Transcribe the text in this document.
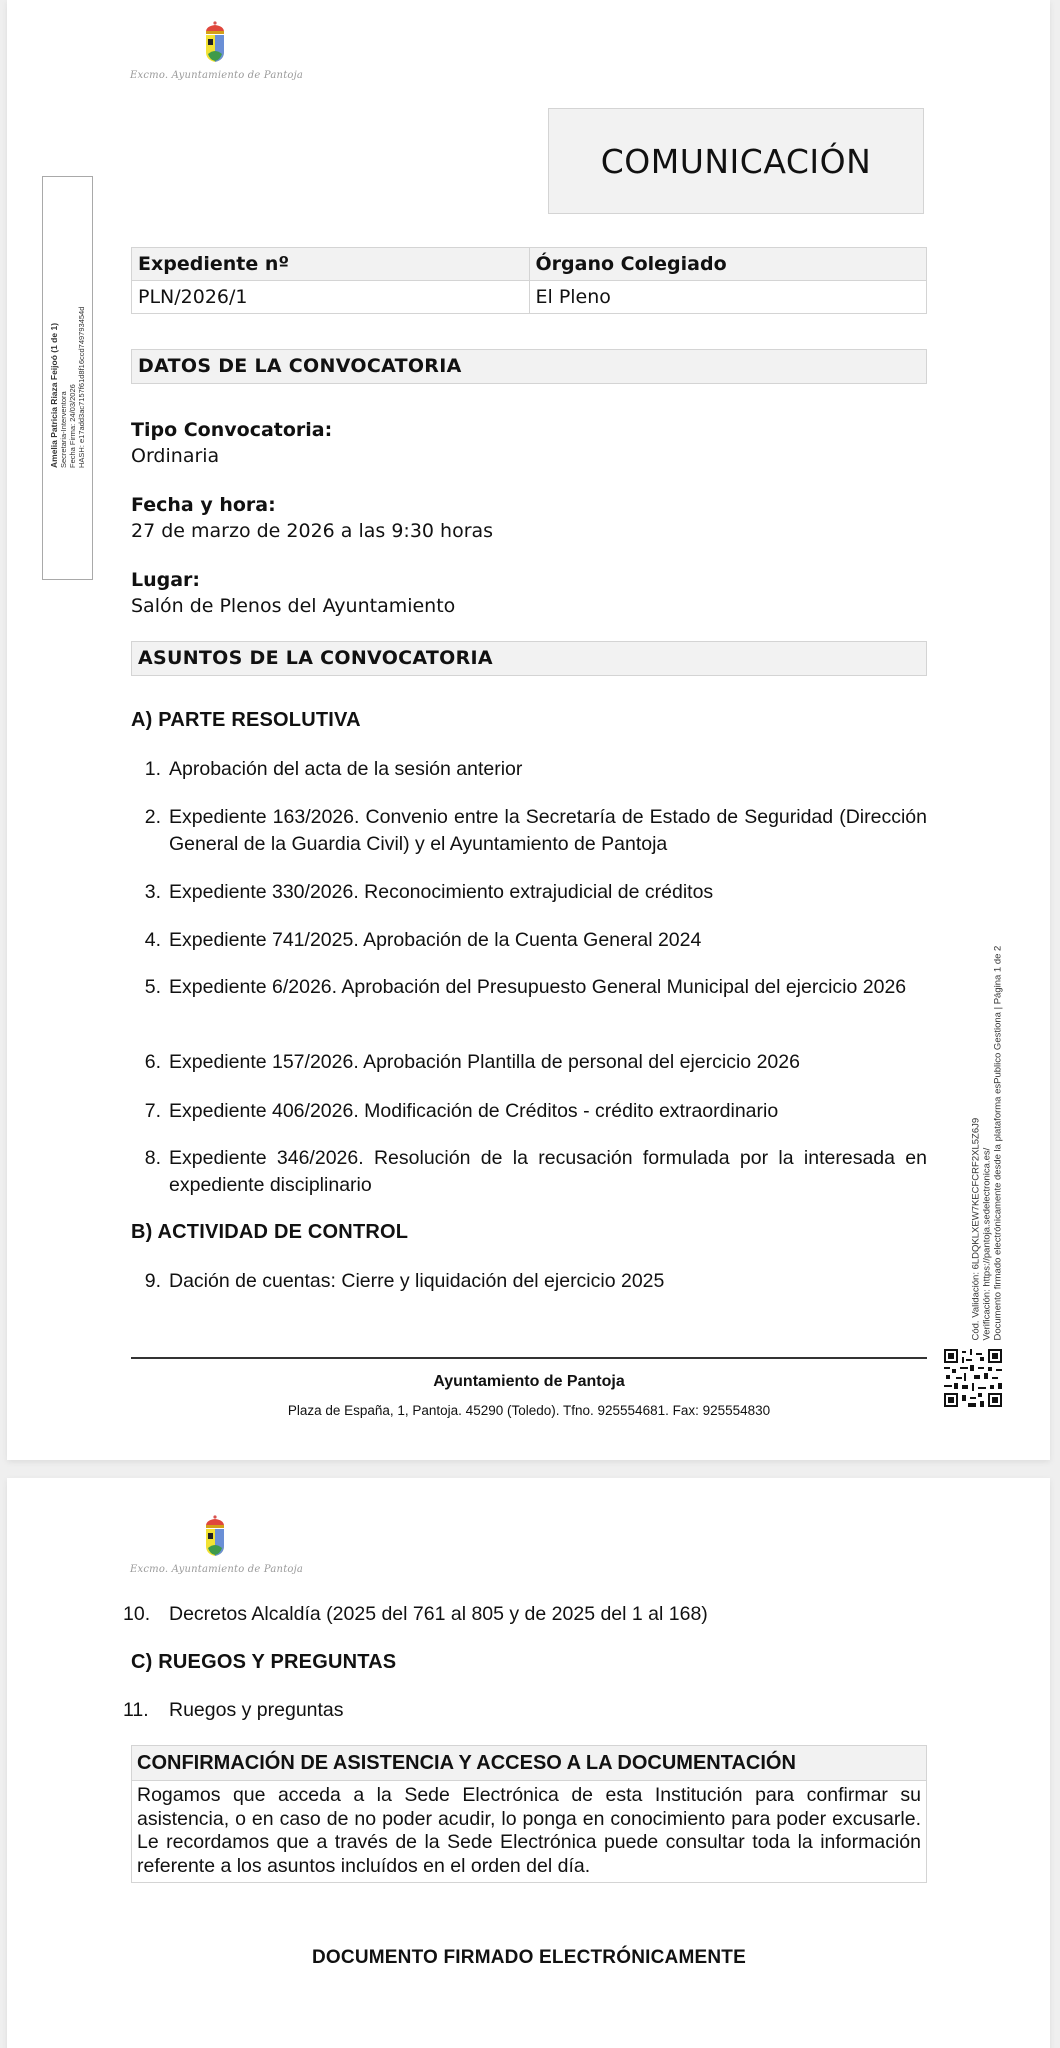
Excmo. Ayuntamiento de Pantoja
COMUNICACIÓN
Expediente nº	Órgano Colegiado
PLN/2026/1	El Pleno
DATOS DE LA CONVOCATORIA
Tipo Convocatoria:
Ordinaria
Fecha y hora:
27 de marzo de 2026 a las 9:30 horas
Lugar:
Salón de Plenos del Ayuntamiento
ASUNTOS DE LA CONVOCATORIA
A) PARTE RESOLUTIVA
1. Aprobación del acta de la sesión anterior
2. Expediente 163/2026. Convenio entre la Secretaría de Estado de Seguridad (Dirección General de la Guardia Civil) y el Ayuntamiento de Pantoja
3. Expediente 330/2026. Reconocimiento extrajudicial de créditos
4. Expediente 741/2025. Aprobación de la Cuenta General 2024
5. Expediente 6/2026. Aprobación del Presupuesto General Municipal del ejercicio 2026
6. Expediente 157/2026. Aprobación Plantilla de personal del ejercicio 2026
7. Expediente 406/2026. Modificación de Créditos - crédito extraordinario
8. Expediente 346/2026. Resolución de la recusación formulada por la interesada en expediente disciplinario
B) ACTIVIDAD DE CONTROL
9. Dación de cuentas: Cierre y liquidación del ejercicio 2025
Ayuntamiento de Pantoja
Plaza de España, 1, Pantoja. 45290 (Toledo). Tfno. 925554681. Fax: 925554830
Amelia Patricia Riaza Feijoó (1 de 1) Secretaria-Interventora Fecha Firma: 24/03/2026 HASH: e17add3ac7157f61d8f16ccd749793454d
Cód. Validación: 6LDQKLXEW7KECFCRF2XL5Z6J9 Verificación: https://pantoja.sedelectronica.es/ Documento firmado electrónicamente desde la plataforma esPublico Gestiona | Página 1 de 2
Excmo. Ayuntamiento de Pantoja
10. Decretos Alcaldía (2025 del 761 al 805 y de 2025 del 1 al 168)
C) RUEGOS Y PREGUNTAS
11.	Ruegos y preguntas
CONFIRMACIÓN DE ASISTENCIA Y ACCESO A LA DOCUMENTACIÓN
Rogamos que acceda a la Sede Electrónica de esta Institución para confirmar su asistencia, o en caso de no poder acudir, lo ponga en conocimiento para poder excusarle. Le recordamos que a través de la Sede Electrónica puede consultar toda la información referente a los asuntos incluídos en el orden del día.
DOCUMENTO FIRMADO ELECTRÓNICAMENTE
